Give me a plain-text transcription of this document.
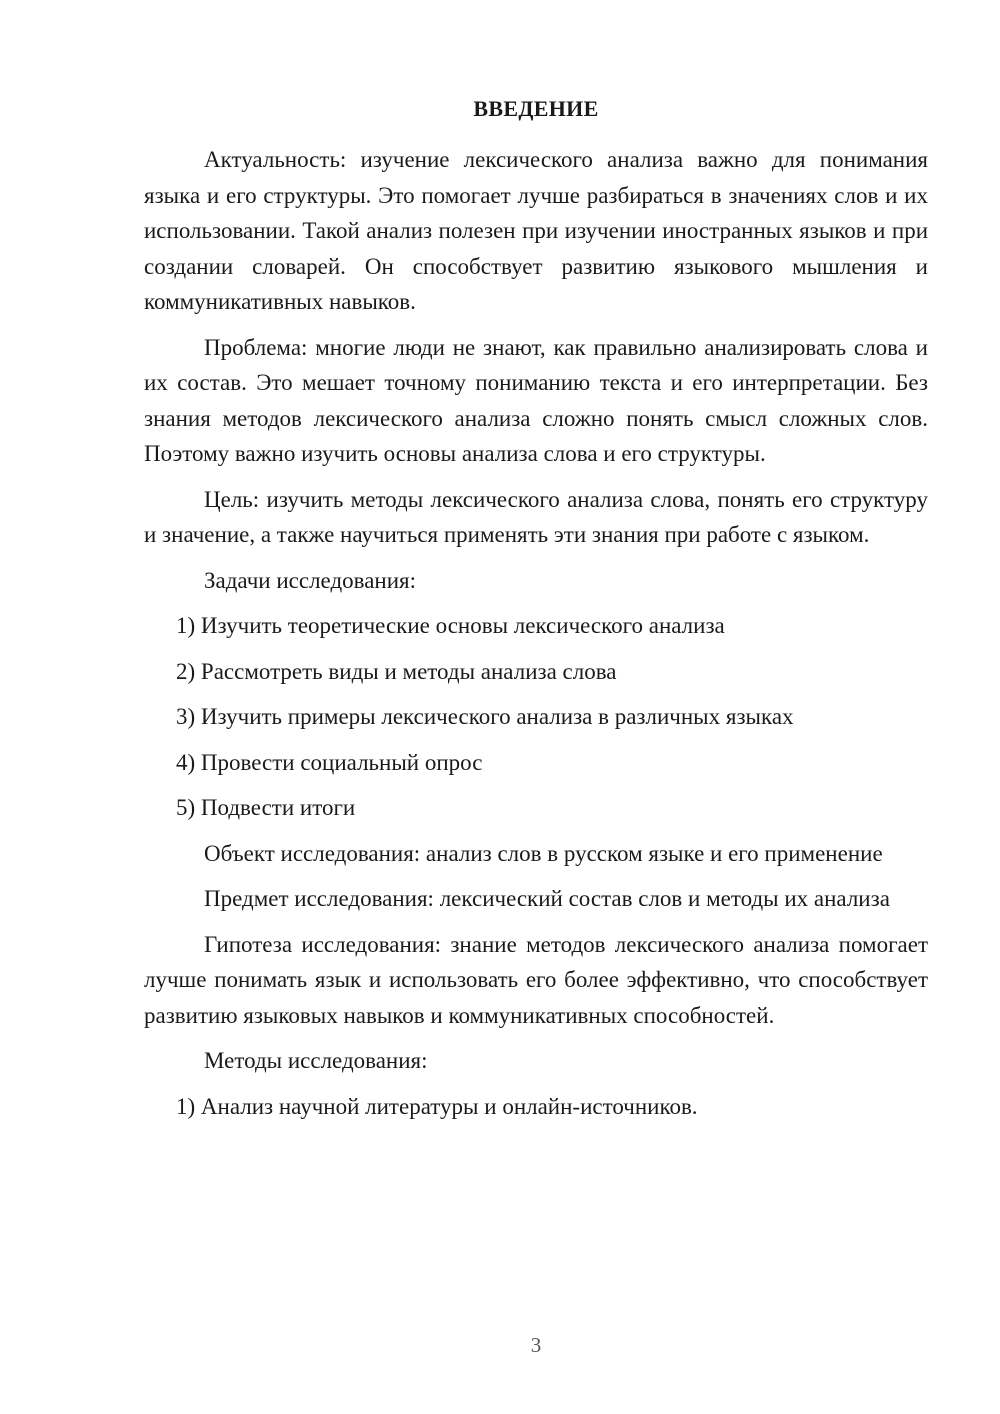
ВВЕДЕНИЕ

Актуальность: изучение лексического анализа важно для понимания языка и его структуры. Это помогает лучше разбираться в значениях слов и их использовании. Такой анализ полезен при изучении иностранных языков и при создании словарей. Он способствует развитию языкового мышления и коммуникативных навыков.

Проблема: многие люди не знают, как правильно анализировать слова и их состав. Это мешает точному пониманию текста и его интерпретации. Без знания методов лексического анализа сложно понять смысл сложных слов. Поэтому важно изучить основы анализа слова и его структуры.

Цель: изучить методы лексического анализа слова, понять его структуру и значение, а также научиться применять эти знания при работе с языком.

Задачи исследования:

1) Изучить теоретические основы лексического анализа

2) Рассмотреть виды и методы анализа слова

3) Изучить примеры лексического анализа в различных языках

4) Провести социальный опрос

5) Подвести итоги

Объект исследования: анализ слов в русском языке и его применение

Предмет исследования: лексический состав слов и методы их анализа

Гипотеза исследования: знание методов лексического анализа помогает лучше понимать язык и использовать его более эффективно, что способствует развитию языковых навыков и коммуникативных способностей.

Методы исследования:

1) Анализ научной литературы и онлайн-источников.

3
